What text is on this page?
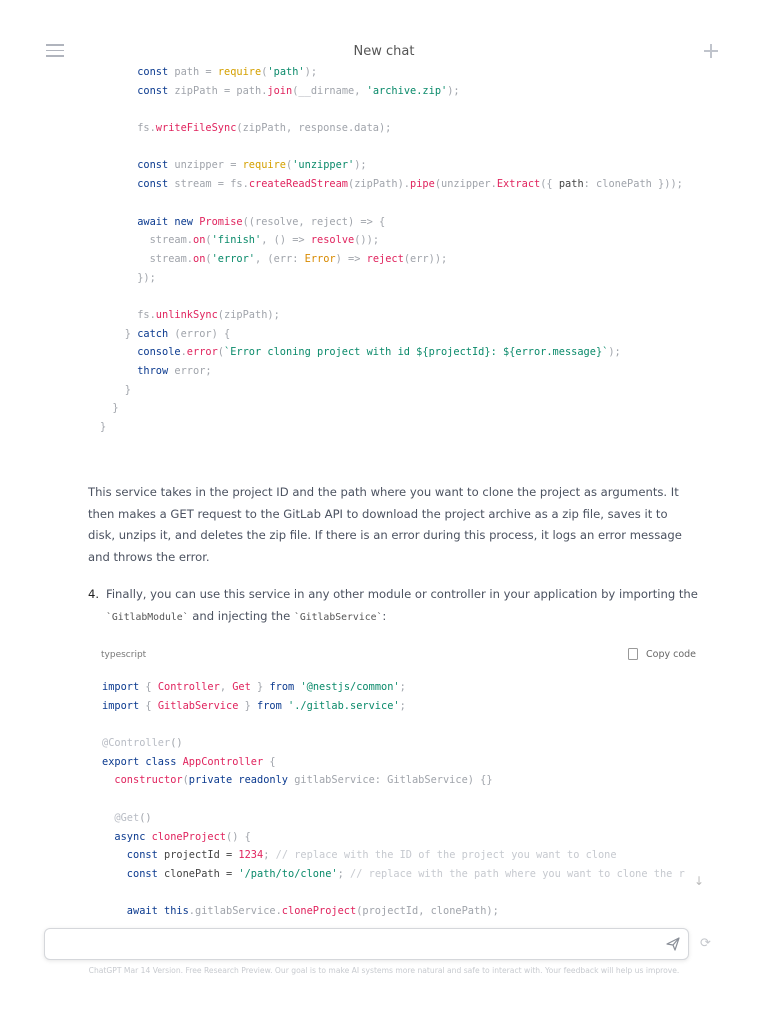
New chat
const path = require('path');
const zipPath = path.join(__dirname, 'archive.zip');
fs.writeFileSync(zipPath, response.data);
const unzipper = require('unzipper');
const stream = fs.createReadStream(zipPath).pipe(unzipper.Extract({ path: clonePath }));
await new Promise((resolve, reject) => {
stream.on('finish', () => resolve());
stream.on('error', (err: Error) => reject(err));
});
fs.unlinkSync(zipPath);
} catch (error) {
console.error(`Error cloning project with id ${projectId}: ${error.message}`);
throw error;
}
}
}
This service takes in the project ID and the path where you want to clone the project as arguments. It then makes a GET request to the GitLab API to download the project archive as a zip file, saves it to disk, unzips it, and deletes the zip file. If there is an error during this process, it logs an error message and throws the error.
4. Finally, you can use this service in any other module or controller in your application by importing the `GitlabModule` and injecting the `GitlabService`:
typescript	Copy code
import { Controller, Get } from '@nestjs/common';
import { GitlabService } from './gitlab.service';
@Controller()
export class AppController {
constructor(private readonly gitlabService: GitlabService) {}
@Get()
async cloneProject() {
const projectId = 1234; // replace with the ID of the project you want to clone
const clonePath = '/path/to/clone'; // replace with the path where you want to clone the r
await this.gitlabService.cloneProject(projectId, clonePath);
↓
⟳
ChatGPT Mar 14 Version. Free Research Preview. Our goal is to make AI systems more natural and safe to interact with. Your feedback will help us improve.
